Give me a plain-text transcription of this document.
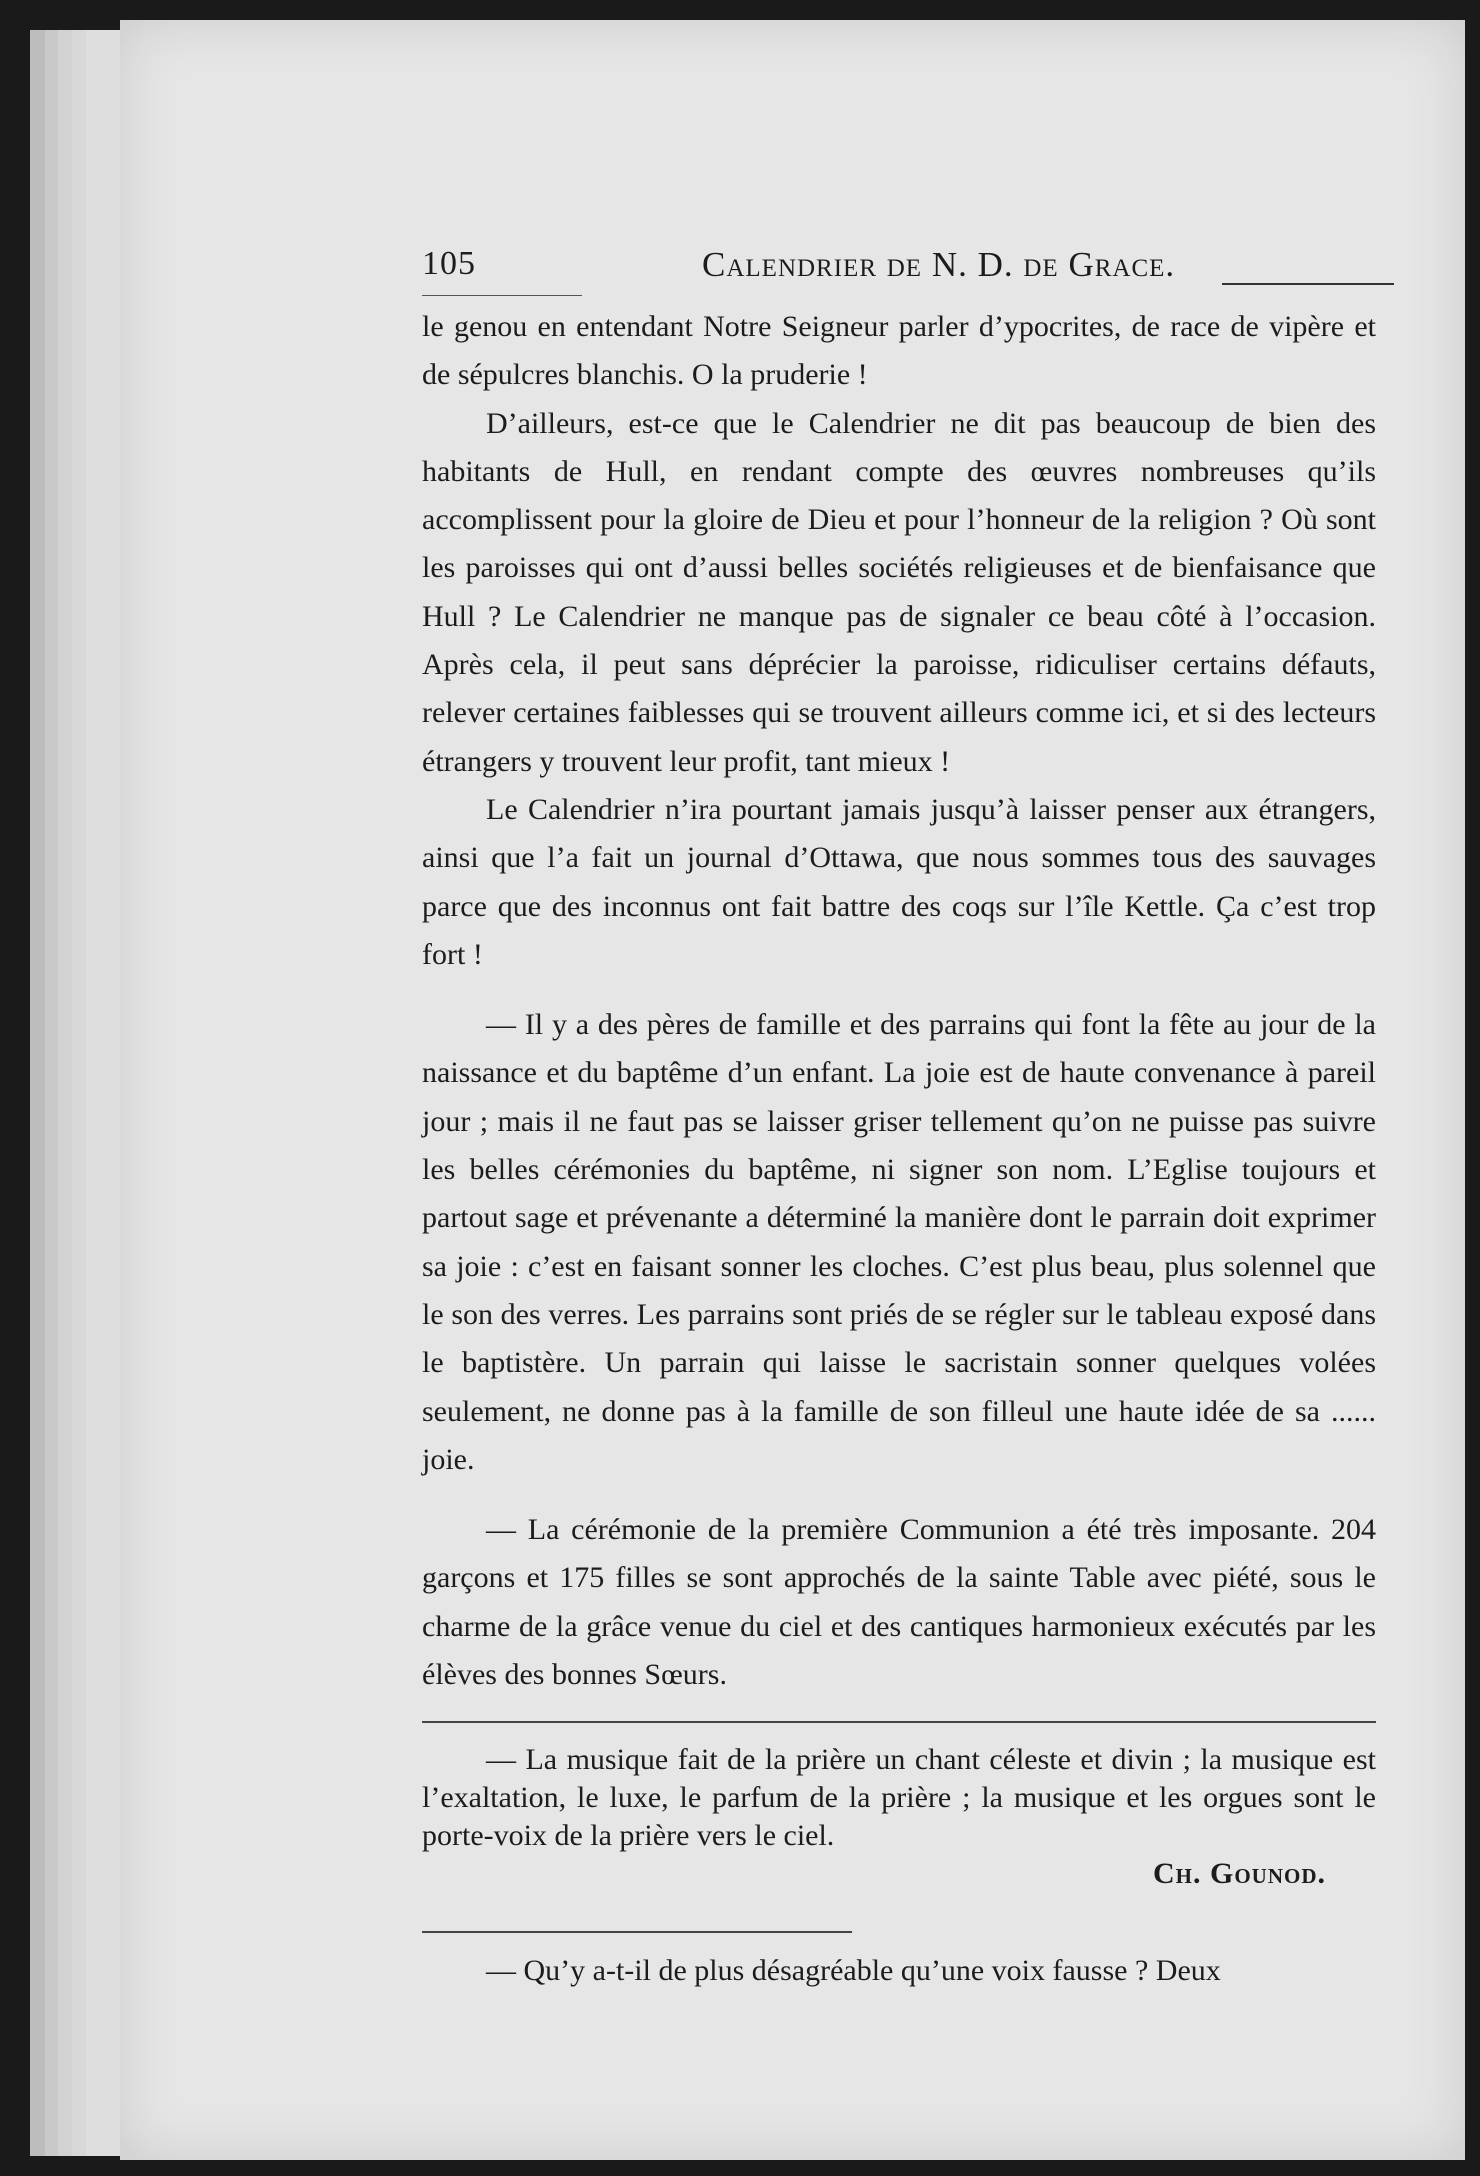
105	Calendrier de N. D. de Grace.

le genou en entendant Notre Seigneur parler d’ypocrites, de race de vipère et de sépulcres blanchis. O la pruderie !

D’ailleurs, est-ce que le Calendrier ne dit pas beaucoup de bien des habitants de Hull, en rendant compte des œuvres nombreuses qu’ils accomplissent pour la gloire de Dieu et pour l’honneur de la religion ? Où sont les paroisses qui ont d’aussi belles sociétés religieuses et de bienfaisance que Hull ? Le Calendrier ne manque pas de signaler ce beau côté à l’occasion. Après cela, il peut sans déprécier la paroisse, ridiculiser certains défauts, relever certaines faiblesses qui se trouvent ailleurs comme ici, et si des lecteurs étrangers y trouvent leur profit, tant mieux !

Le Calendrier n’ira pourtant jamais jusqu’à laisser penser aux étrangers, ainsi que l’a fait un journal d’Ottawa, que nous sommes tous des sauvages parce que des inconnus ont fait battre des coqs sur l’île Kettle. Ça c’est trop fort !

— Il y a des pères de famille et des parrains qui font la fête au jour de la naissance et du baptême d’un enfant. La joie est de haute convenance à pareil jour ; mais il ne faut pas se laisser griser tellement qu’on ne puisse pas suivre les belles cérémonies du baptême, ni signer son nom. L’Eglise toujours et partout sage et prévenante a déterminé la manière dont le parrain doit exprimer sa joie : c’est en faisant sonner les cloches. C’est plus beau, plus solennel que le son des verres. Les parrains sont priés de se régler sur le tableau exposé dans le baptistère. Un parrain qui laisse le sacristain sonner quelques volées seulement, ne donne pas à la famille de son filleul une haute idée de sa ...... joie.

— La cérémonie de la première Communion a été très imposante. 204 garçons et 175 filles se sont approchés de la sainte Table avec piété, sous le charme de la grâce venue du ciel et des cantiques harmonieux exécutés par les élèves des bonnes Sœurs.

— La musique fait de la prière un chant céleste et divin ; la musique est l’exaltation, le luxe, le parfum de la prière ; la musique et les orgues sont le porte-voix de la prière vers le ciel.

Ch. Gounod.

— Qu’y a-t-il de plus désagréable qu’une voix fausse ? Deux
